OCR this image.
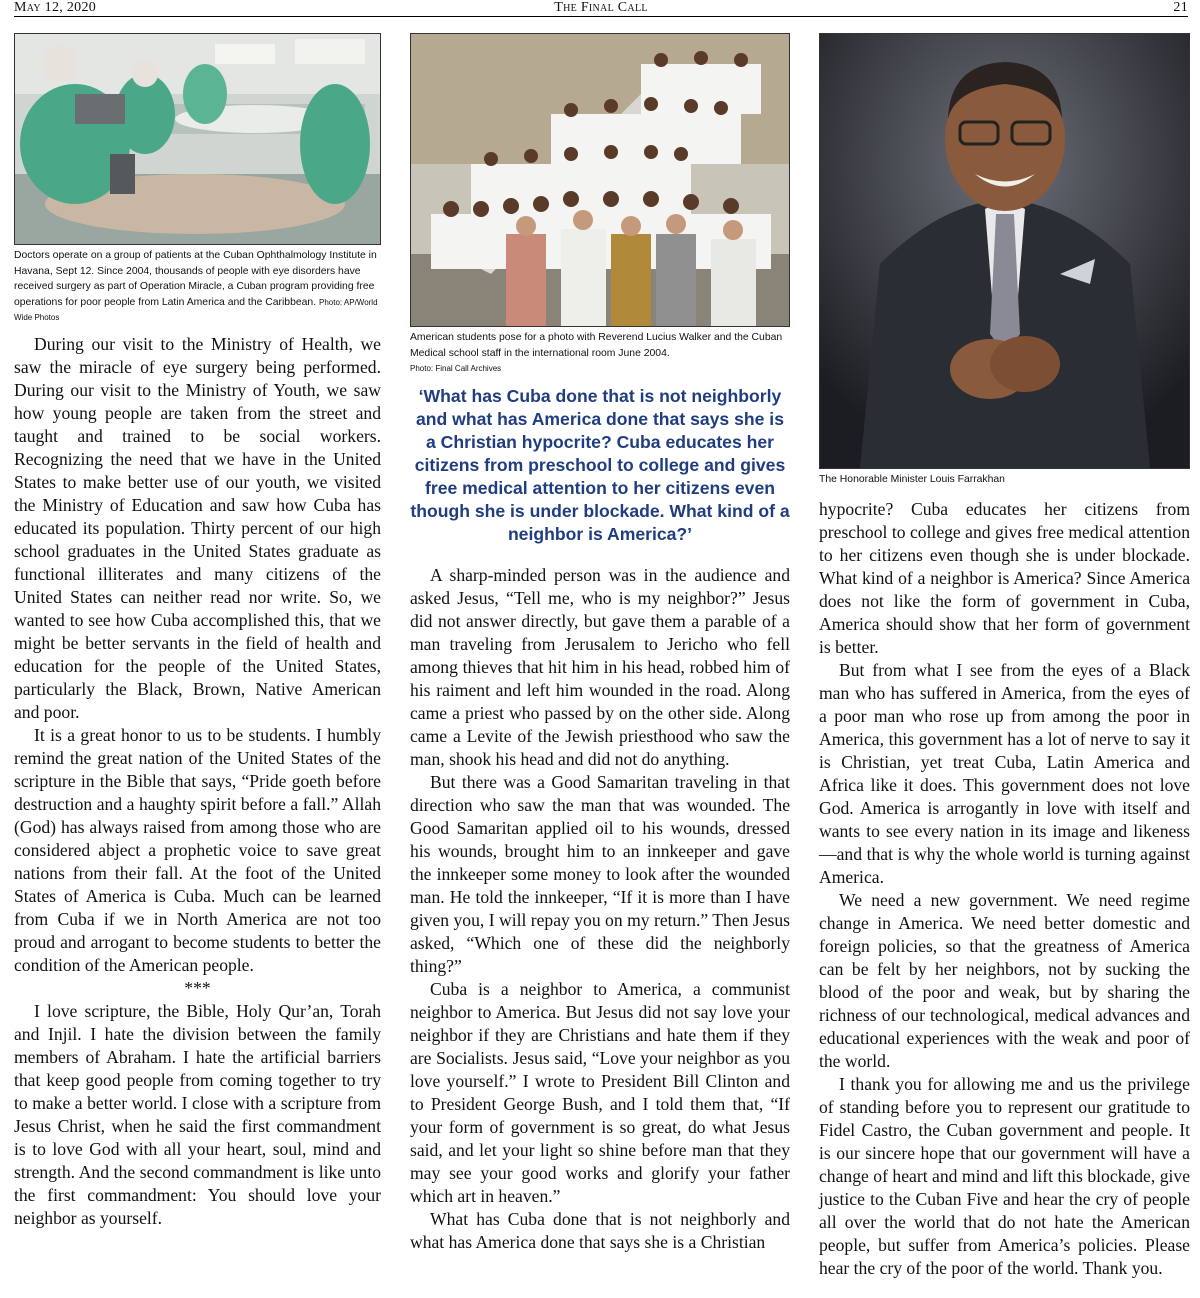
May 12, 2020	The Final Call	21
Doctors operate on a group of patients at the Cuban Ophthalmology Institute in Havana, Sept 12. Since 2004, thousands of people with eye disorders have received surgery as part of Operation Miracle, a Cuban program providing free operations for poor people from Latin America and the Caribbean. Photo: AP/World Wide Photos

During our visit to the Ministry of Health, we saw the miracle of eye surgery being performed. During our visit to the Ministry of Youth, we saw how young people are taken from the street and taught and trained to be social workers. Recognizing the need that we have in the United States to make better use of our youth, we visited the Ministry of Education and saw how Cuba has educated its population. Thirty percent of our high school graduates in the United States graduate as functional illiterates and many citizens of the United States can neither read nor write. So, we wanted to see how Cuba accomplished this, that we might be better servants in the field of health and education for the people of the United States, particularly the Black, Brown, Native American and poor.

It is a great honor to us to be students. I humbly remind the great nation of the United States of the scripture in the Bible that says, “Pride goeth before destruction and a haughty spirit before a fall.” Allah (God) has always raised from among those who are considered abject a prophetic voice to save great nations from their fall. At the foot of the United States of America is Cuba. Much can be learned from Cuba if we in North America are not too proud and arrogant to become students to better the condition of the American people.

***

I love scripture, the Bible, Holy Qur’an, Torah and Injil. I hate the division between the family members of Abraham. I hate the artificial barriers that keep good people from coming together to try to make a better world. I close with a scripture from Jesus Christ, when he said the first commandment is to love God with all your heart, soul, mind and strength. And the second commandment is like unto the first commandment: You should love your neighbor as yourself.

American students pose for a photo with Reverend Lucius Walker and the Cuban Medical school staff in the international room June 2004.
Photo: Final Call Archives
‘What has Cuba done that is not neighborly and what has America done that says she is a Christian hypocrite? Cuba educates her citizens from preschool to college and gives free medical attention to her citizens even though she is under blockade. What kind of a neighbor is America?’

A sharp-minded person was in the audience and asked Jesus, “Tell me, who is my neighbor?” Jesus did not answer directly, but gave them a parable of a man traveling from Jerusalem to Jericho who fell among thieves that hit him in his head, robbed him of his raiment and left him wounded in the road. Along came a priest who passed by on the other side. Along came a Levite of the Jewish priesthood who saw the man, shook his head and did not do anything.

But there was a Good Samaritan traveling in that direction who saw the man that was wounded. The Good Samaritan applied oil to his wounds, dressed his wounds, brought him to an innkeeper and gave the innkeeper some money to look after the wounded man. He told the innkeeper, “If it is more than I have given you, I will repay you on my return.” Then Jesus asked, “Which one of these did the neighborly thing?”

Cuba is a neighbor to America, a communist neighbor to America. But Jesus did not say love your neighbor if they are Christians and hate them if they are Socialists. Jesus said, “Love your neighbor as you love yourself.” I wrote to President Bill Clinton and to President George Bush, and I told them that, “If your form of government is so great, do what Jesus said, and let your light so shine before man that they may see your good works and glorify your father which art in heaven.”

What has Cuba done that is not neighborly and what has America done that says she is a Christian

The Honorable Minister Louis Farrakhan

hypocrite? Cuba educates her citizens from preschool to college and gives free medical attention to her citizens even though she is under blockade. What kind of a neighbor is America? Since America does not like the form of government in Cuba, America should show that her form of government is better.

But from what I see from the eyes of a Black man who has suffered in America, from the eyes of a poor man who rose up from among the poor in America, this government has a lot of nerve to say it is Christian, yet treat Cuba, Latin America and Africa like it does. This government does not love God. America is arrogantly in love with itself and wants to see every nation in its image and likeness—and that is why the whole world is turning against America.

We need a new government. We need regime change in America. We need better domestic and foreign policies, so that the greatness of America can be felt by her neighbors, not by sucking the blood of the poor and weak, but by sharing the richness of our technological, medical advances and educational experiences with the weak and poor of the world.

I thank you for allowing me and us the privilege of standing before you to represent our gratitude to Fidel Castro, the Cuban government and people. It is our sincere hope that our government will have a change of heart and mind and lift this blockade, give justice to the Cuban Five and hear the cry of people all over the world that do not hate the American people, but suffer from America’s policies. Please hear the cry of the poor of the world. Thank you.
